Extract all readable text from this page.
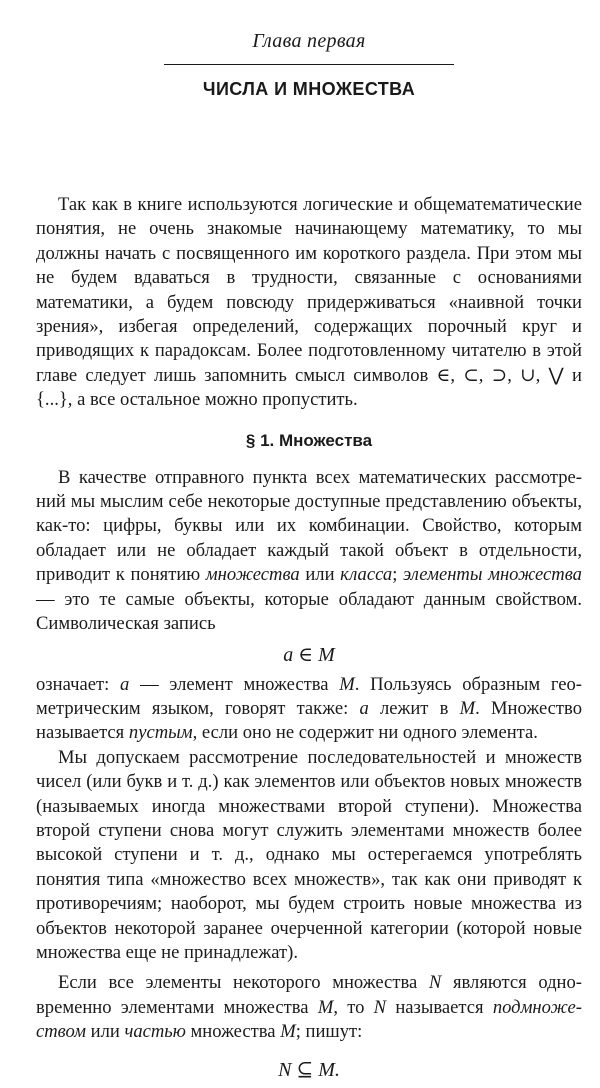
Глава первая
ЧИСЛА И МНОЖЕСТВА

Так как в книге используются логические и общематематические понятия, не очень знакомые начинающему математику, то мы должны начать с посвященного им короткого раздела. При этом мы не будем вдаваться в трудности, связанные с основаниями математики, а будем повсюду придерживаться «наивной точки зрения», избегая определений, содержащих порочный круг и приводящих к парадоксам. Более подготовленному читателю в этой главе следует лишь запомнить смысл символов ∈, ⊂, ⊃, ∪, ⋁ и {...}, а все остальное можно пропустить.

§ 1. Множества

В качестве отправного пункта всех математических рассмотрений мы мыслим себе некоторые доступные представлению объекты, как-то: цифры, буквы или их комбинации. Свойство, которым обладает или не обладает каждый такой объект в отдельности, приводит к понятию множества или класса; элементы множества — это те самые объекты, которые обладают данным свойством. Символическая запись

a ∈ M

означает: a — элемент множества M. Пользуясь образным геометрическим языком, говорят также: a лежит в M. Множество называется пустым, если оно не содержит ни одного элемента.

Мы допускаем рассмотрение последовательностей и множеств чисел (или букв и т. д.) как элементов или объектов новых множеств (называемых иногда множествами второй ступени). Множества второй ступени снова могут служить элементами множеств более высокой ступени и т. д., однако мы остерегаемся употреблять понятия типа «множество всех множеств», так как они приводят к противоречиям; наоборот, мы будем строить новые множества из объектов некоторой заранее очерченной категории (которой новые множества еще не принадлежат).

Если все элементы некоторого множества N являются одновременно элементами множества M, то N называется подмножеством или частью множества M; пишут:

N ⊆ M.
